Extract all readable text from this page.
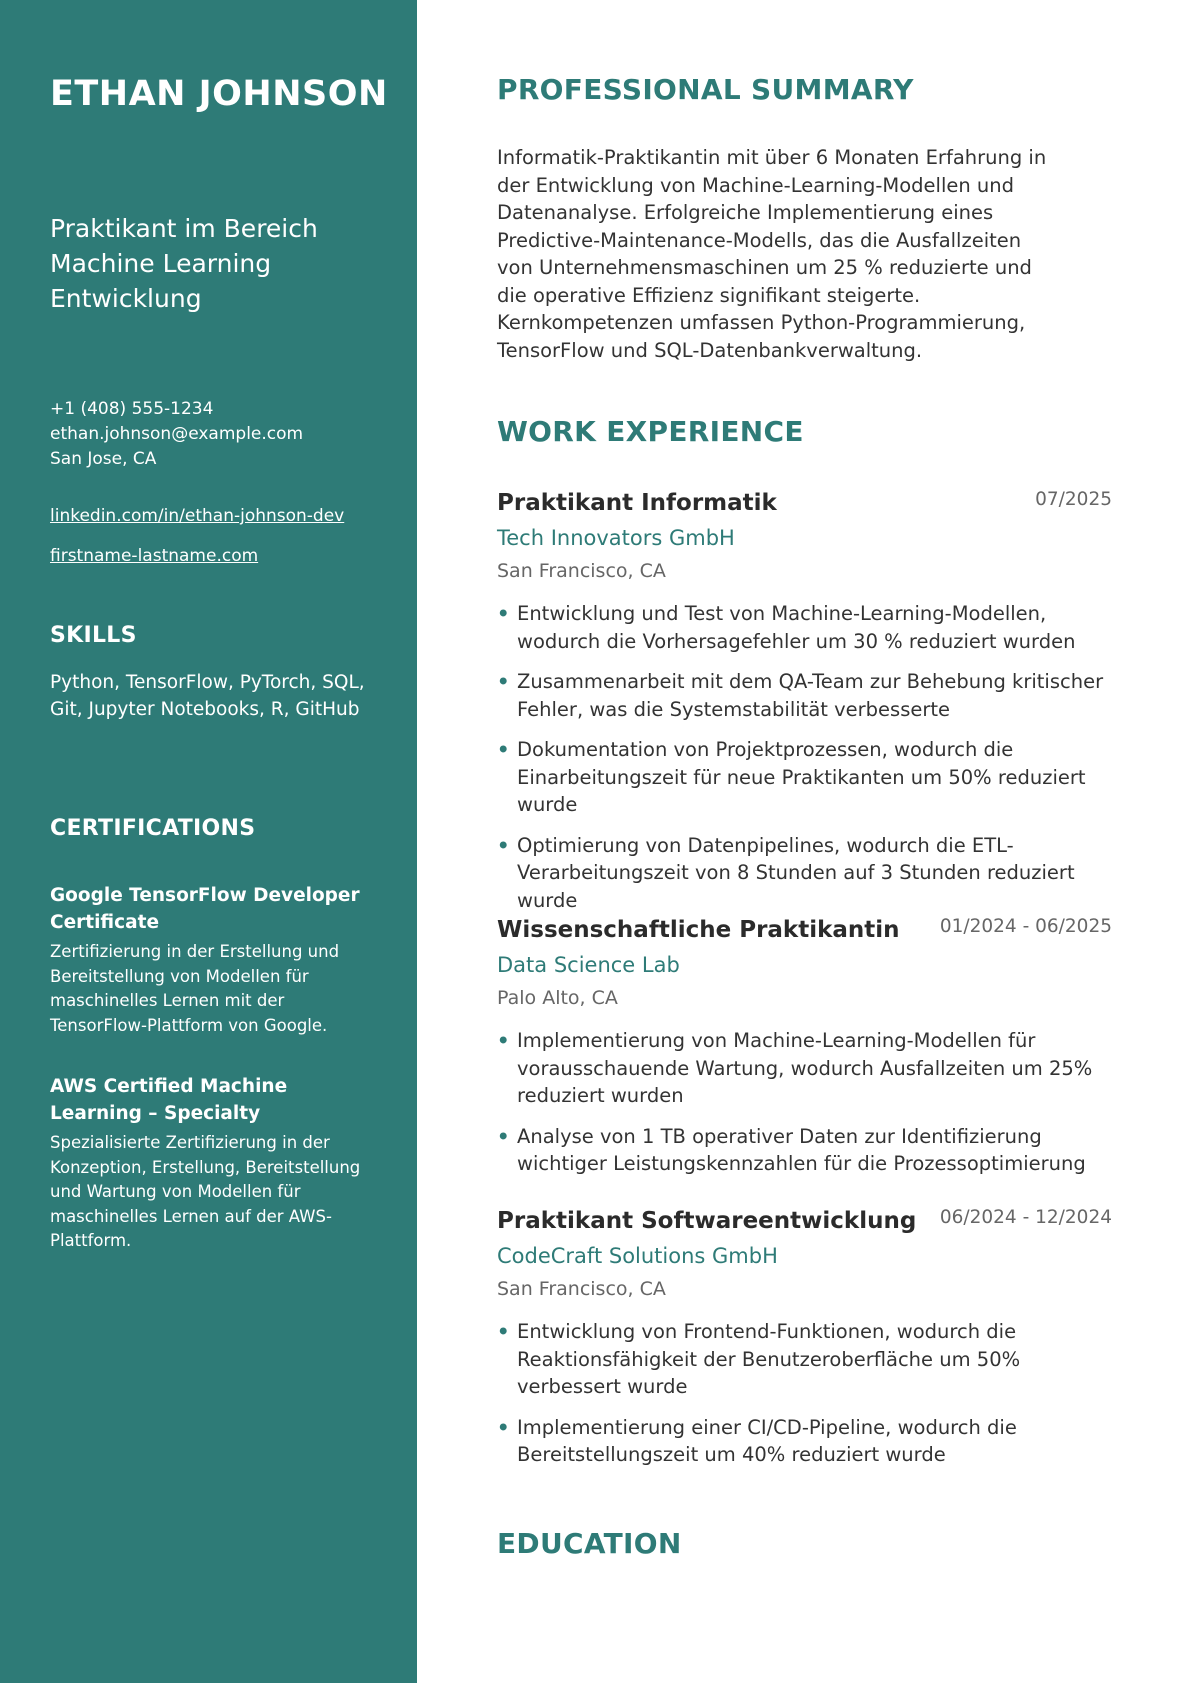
ETHAN JOHNSON
Praktikant im Bereich Machine Learning Entwicklung
+1 (408) 555-1234
ethan.johnson@example.com
San Jose, CA
linkedin.com/in/ethan-johnson-dev
firstname-lastname.com
SKILLS
Python, TensorFlow, PyTorch, SQL, Git, Jupyter Notebooks, R, GitHub
CERTIFICATIONS
Google TensorFlow Developer Certificate
Zertifizierung in der Erstellung und Bereitstellung von Modellen für maschinelles Lernen mit der TensorFlow-Plattform von Google.
AWS Certified Machine Learning – Specialty
Spezialisierte Zertifizierung in der Konzeption, Erstellung, Bereitstellung und Wartung von Modellen für maschinelles Lernen auf der AWS-Plattform.
PROFESSIONAL SUMMARY

Informatik-Praktikantin mit über 6 Monaten Erfahrung in der Entwicklung von Machine-Learning-Modellen und Datenanalyse. Erfolgreiche Implementierung eines Predictive-Maintenance-Modells, das die Ausfallzeiten von Unternehmensmaschinen um 25 % reduzierte und die operative Effizienz signifikant steigerte. Kernkompetenzen umfassen Python-Programmierung, TensorFlow und SQL-Datenbankverwaltung.

WORK EXPERIENCE
Praktikant Informatik	07/2025
Tech Innovators GmbH
San Francisco, CA
• Entwicklung und Test von Machine-Learning-Modellen, wodurch die Vorhersagefehler um 30 % reduziert wurden
• Zusammenarbeit mit dem QA-Team zur Behebung kritischer Fehler, was die Systemstabilität verbesserte
• Dokumentation von Projektprozessen, wodurch die Einarbeitungszeit für neue Praktikanten um 50% reduziert wurde
• Optimierung von Datenpipelines, wodurch die ETL-Verarbeitungszeit von 8 Stunden auf 3 Stunden reduziert wurde
Wissenschaftliche Praktikantin	01/2024 - 06/2025
Data Science Lab
Palo Alto, CA
• Implementierung von Machine-Learning-Modellen für vorausschauende Wartung, wodurch Ausfallzeiten um 25% reduziert wurden
• Analyse von 1 TB operativer Daten zur Identifizierung wichtiger Leistungskennzahlen für die Prozessoptimierung
Praktikant Softwareentwicklung	06/2024 - 12/2024
CodeCraft Solutions GmbH
San Francisco, CA
• Entwicklung von Frontend-Funktionen, wodurch die Reaktionsfähigkeit der Benutzeroberfläche um 50% verbessert wurde
• Implementierung einer CI/CD-Pipeline, wodurch die Bereitstellungszeit um 40% reduziert wurde
EDUCATION
